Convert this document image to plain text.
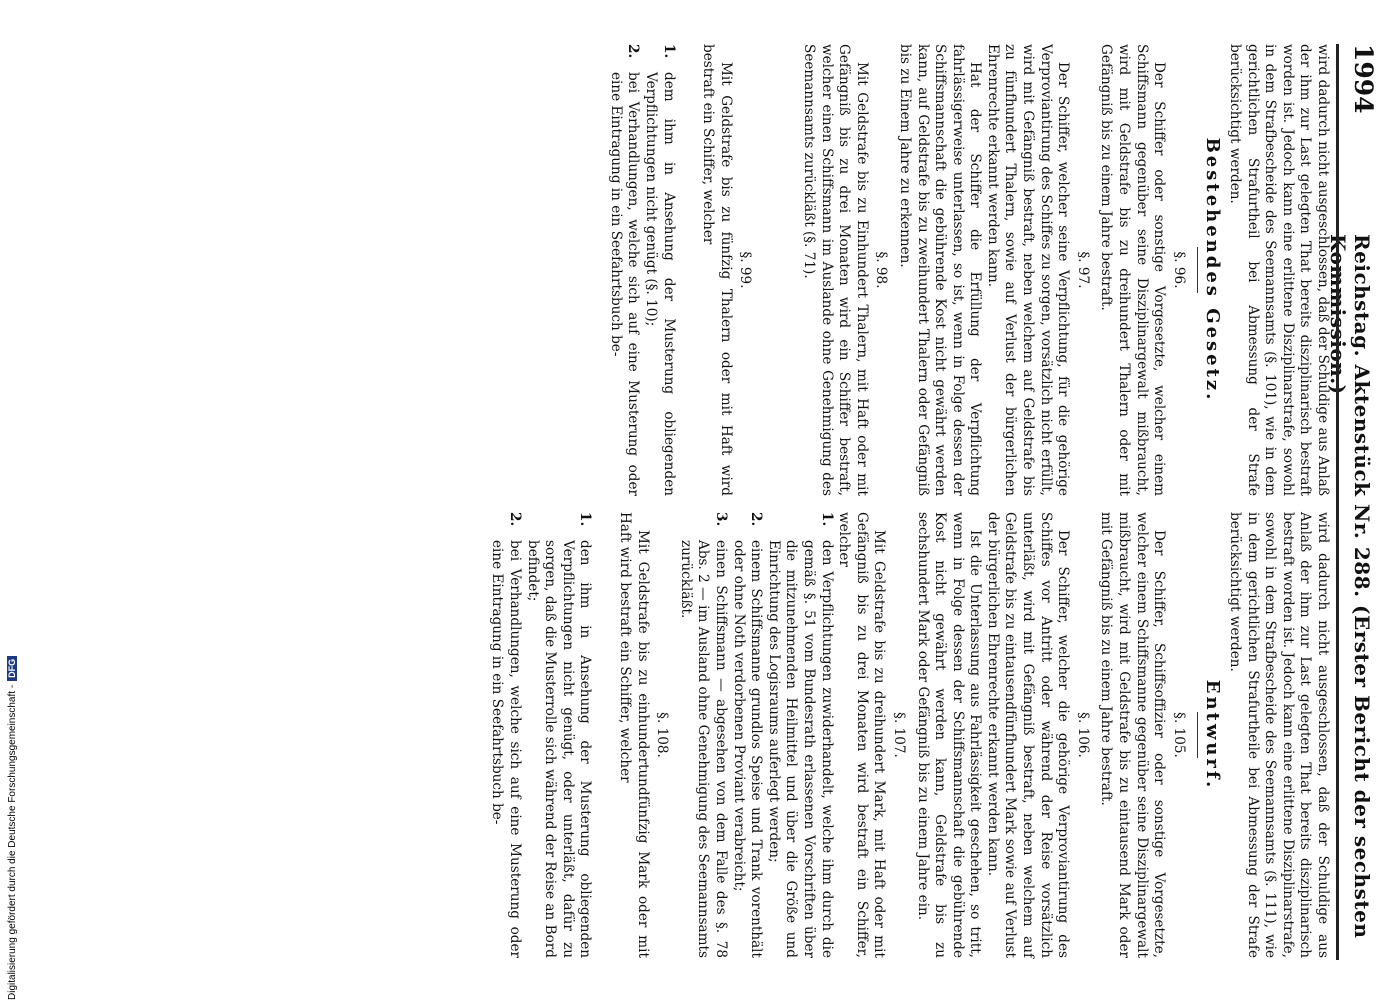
1994
Reichstag. Aktenstück Nr. 288. (Erster Bericht der sechsten Kommission.)

wird dadurch nicht ausgeschlossen, daß der Schuldige aus Anlaß der ihm zur Last gelegten That bereits disziplinarisch bestraft worden ist. Jedoch kann eine erlittene Disziplinarstrafe, sowohl in dem Strafbescheide des Seemannsamts (§. 101), wie in dem gerichtlichen Strafurtheil bei Abmessung der Strafe berücksichtigt werden.

Bestehendes Gesetz.
§. 96.

Der Schiffer oder sonstige Vorgesetzte, welcher einem Schiffsmann gegenüber seine Disziplinargewalt mißbraucht, wird mit Geldstrafe bis zu dreihundert Thalern oder mit Gefängniß bis zu einem Jahre bestraft.

§. 97.

Der Schiffer, welcher seine Verpflichtung, für die gehörige Verproviantirung des Schiffes zu sorgen, vorsätzlich nicht erfüllt, wird mit Gefängniß bestraft, neben welchem auf Geldstrafe bis zu fünfhundert Thalern, sowie auf Verlust der bürgerlichen Ehrenrechte erkannt werden kann.

Hat der Schiffer die Erfüllung der Verpflichtung fahrlässigerweise unterlassen, so ist, wenn in Folge dessen der Schiffsmannschaft die gebührende Kost nicht gewährt werden kann, auf Geldstrafe bis zu zweihundert Thalern oder Gefängniß bis zu Einem Jahre zu erkennen.

§. 98.

Mit Geldstrafe bis zu Einhundert Thalern, mit Haft oder mit Gefängniß bis zu drei Monaten wird ein Schiffer bestraft, welcher einen Schiffsmann im Auslande ohne Genehmigung des Seemannsamts zurückläßt (§. 71).

§. 99.

Mit Geldstrafe bis zu fünfzig Thalern oder mit Haft wird bestraft ein Schiffer, welcher

1.
dem ihm in Ansehung der Musterung obliegenden Verpflichtungen nicht genügt (§. 10);
2.
bei Verhandlungen, welche sich auf eine Musterung oder eine Eintragung in ein Seefahrtsbuch be-

wird dadurch nicht ausgeschlossen, daß der Schuldige aus Anlaß der ihm zur Last gelegten That bereits disziplinarisch bestraft worden ist. Jedoch kann eine erlittene Disziplinarstrafe, sowohl in dem Strafbescheide des Seemannsamts (§. 111), wie in dem gerichtlichen Strafurtheile bei Abmessung der Strafe berücksichtigt werden.

Entwurf.
§. 105.

Der Schiffer, Schiffsoffizier oder sonstige Vorgesetzte, welcher einem Schiffsmanne gegenüber seine Disziplinargewalt mißbraucht, wird mit Geldstrafe bis zu eintausend Mark oder mit Gefängniß bis zu einem Jahre bestraft.

§. 106.

Der Schiffer, welcher die gehörige Verproviantirung des Schiffes vor Antritt oder während der Reise vorsätzlich unterläßt, wird mit Gefängniß bestraft, neben welchem auf Geldstrafe bis zu eintausendfünfhundert Mark sowie auf Verlust der bürgerlichen Ehrenrechte erkannt werden kann.

Ist die Unterlassung aus Fahrlässigkeit geschehen, so tritt, wenn in Folge dessen der Schiffsmannschaft die gebührende Kost nicht gewährt werden kann, Geldstrafe bis zu sechshundert Mark oder Gefängniß bis zu einem Jahre ein.

§. 107.

Mit Geldstrafe bis zu dreihundert Mark, mit Haft oder mit Gefängniß bis zu drei Monaten wird bestraft ein Schiffer, welcher

1.
den Verpflichtungen zuwiderhandelt, welche ihm durch die gemäß §. 51 vom Bundesrath erlassenen Vorschriften über die mitzunehmenden Heilmittel und über die Größe und Einrichtung des Logisraums auferlegt werden;
2.
einem Schiffsmanne grundlos Speise und Trank vorenthält oder ohne Noth verdorbenen Proviant verabreicht;
3.
einen Schiffsmann — abgesehen von dem Falle des §. 78 Abs. 2 — im Ausland ohne Genehmigung des Seemannsamts zurückläßt.
§. 108.

Mit Geldstrafe bis zu einhundertundfünfzig Mark oder mit Haft wird bestraft ein Schiffer, welcher

1.
den ihm in Ansehung der Musterung obliegenden Verpflichtungen nicht genügt, oder unterläßt, dafür zu sorgen, daß die Musterrolle sich während der Reise an Bord befindet;
2.
bei Verhandlungen, welche sich auf eine Musterung oder eine Eintragung in ein Seefahrtsbuch be-
Digitalisierung gefördert durch die Deutsche Forschungsgemeinschaft -DFG
